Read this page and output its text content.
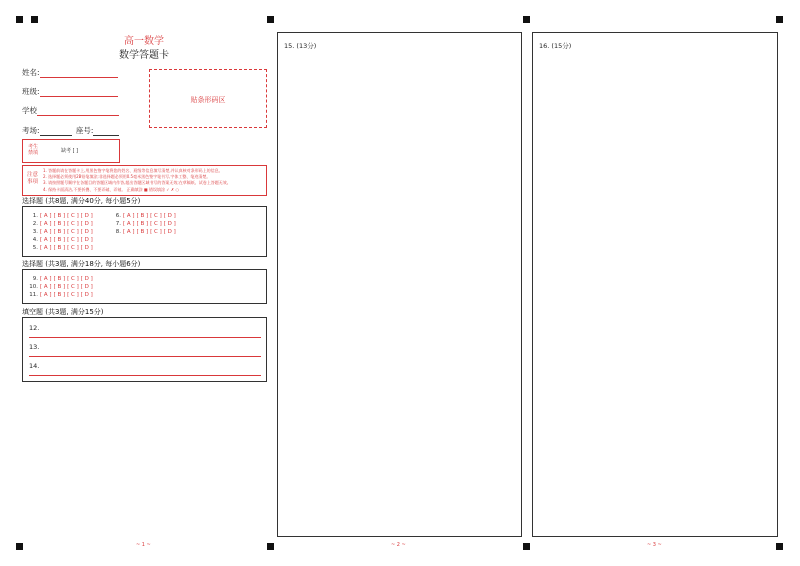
高一数学
数学答题卡
姓名:
班级:
学校
考场:	座号:
贴条形码区
考生
禁填	缺考 [ ]
注意
事项
1. 答题前请在答题卡上,用黑色签字笔将您的姓名、班级等信息填写清楚,并认真核对条形码上的信息。
2. 选择题必须使用2B铅笔填涂;非选择题必须用0.5毫米黑色签字笔书写,字体工整、笔迹清楚。
3. 请按照题号顺序在各题目的答题区域内作答,超出答题区域书写的答案无效;在草稿纸、试卷上答题无效。
4. 保持卡面清洁,不要折叠、不要弄破、弄皱。 正确填涂 ■ 错误填涂 ✓ ✗ ○
选择题 (共8题, 满分40分, 每小题5分)
1. [ A ] [ B ] [ C ] [ D ]
2. [ A ] [ B ] [ C ] [ D ]
3. [ A ] [ B ] [ C ] [ D ]
4. [ A ] [ B ] [ C ] [ D ]
5. [ A ] [ B ] [ C ] [ D ]
6. [ A ] [ B ] [ C ] [ D ]
7. [ A ] [ B ] [ C ] [ D ]
8. [ A ] [ B ] [ C ] [ D ]
选择题 (共3题, 满分18分, 每小题6分)
9. [ A ] [ B ] [ C ] [ D ]
10. [ A ] [ B ] [ C ] [ D ]
11. [ A ] [ B ] [ C ] [ D ]
填空题 (共3题, 满分15分)
12.
13.
14.
~ 1 ~
15. (13分)
~ 2 ~
16. (15分)
~ 3 ~
